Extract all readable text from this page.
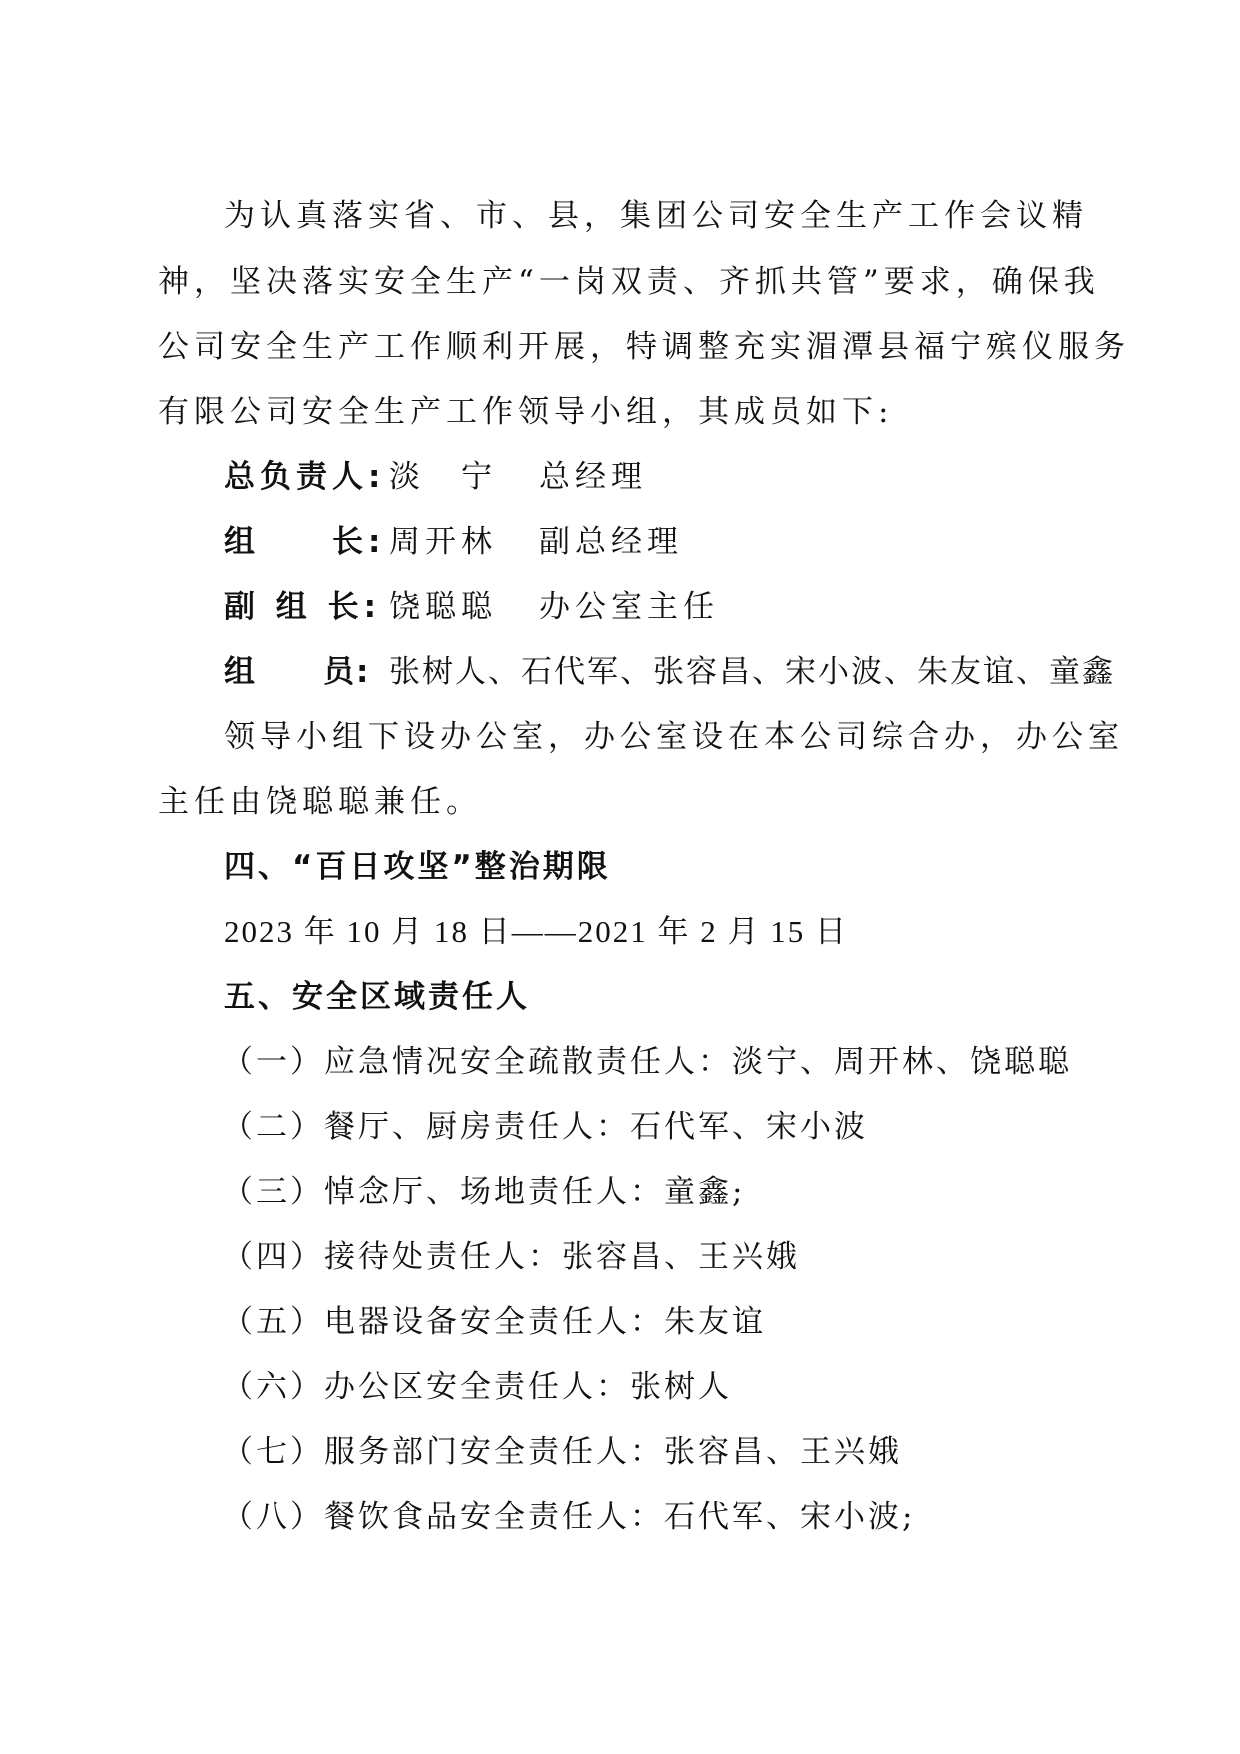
为认真落实省、市、县，集团公司安全生产工作会议精
神，坚决落实安全生产“一岗双责、齐抓共管”要求，确保我
公司安全生产工作顺利开展，特调整充实湄潭县福宁殡仪服务
有限公司安全生产工作领导小组，其成员如下:
总负责人: 淡　宁 总经理
组　　长: 周开林 副总经理
副 组 长: 饶聪聪 办公室主任
组　　员: 张树人、石代军、张容昌、宋小波、朱友谊、童鑫
领导小组下设办公室，办公室设在本公司综合办，办公室
主任由饶聪聪兼任。
四、“百日攻坚”整治期限
2023 年 10 月 18 日——2021 年 2 月 15 日
五、安全区域责任人
（一）应急情况安全疏散责任人：淡宁、周开林、饶聪聪
（二）餐厅、厨房责任人：石代军、宋小波
（三）悼念厅、场地责任人：童鑫;
（四）接待处责任人：张容昌、王兴娥
（五）电器设备安全责任人：朱友谊
（六）办公区安全责任人：张树人
（七）服务部门安全责任人：张容昌、王兴娥
（八）餐饮食品安全责任人：石代军、宋小波;
